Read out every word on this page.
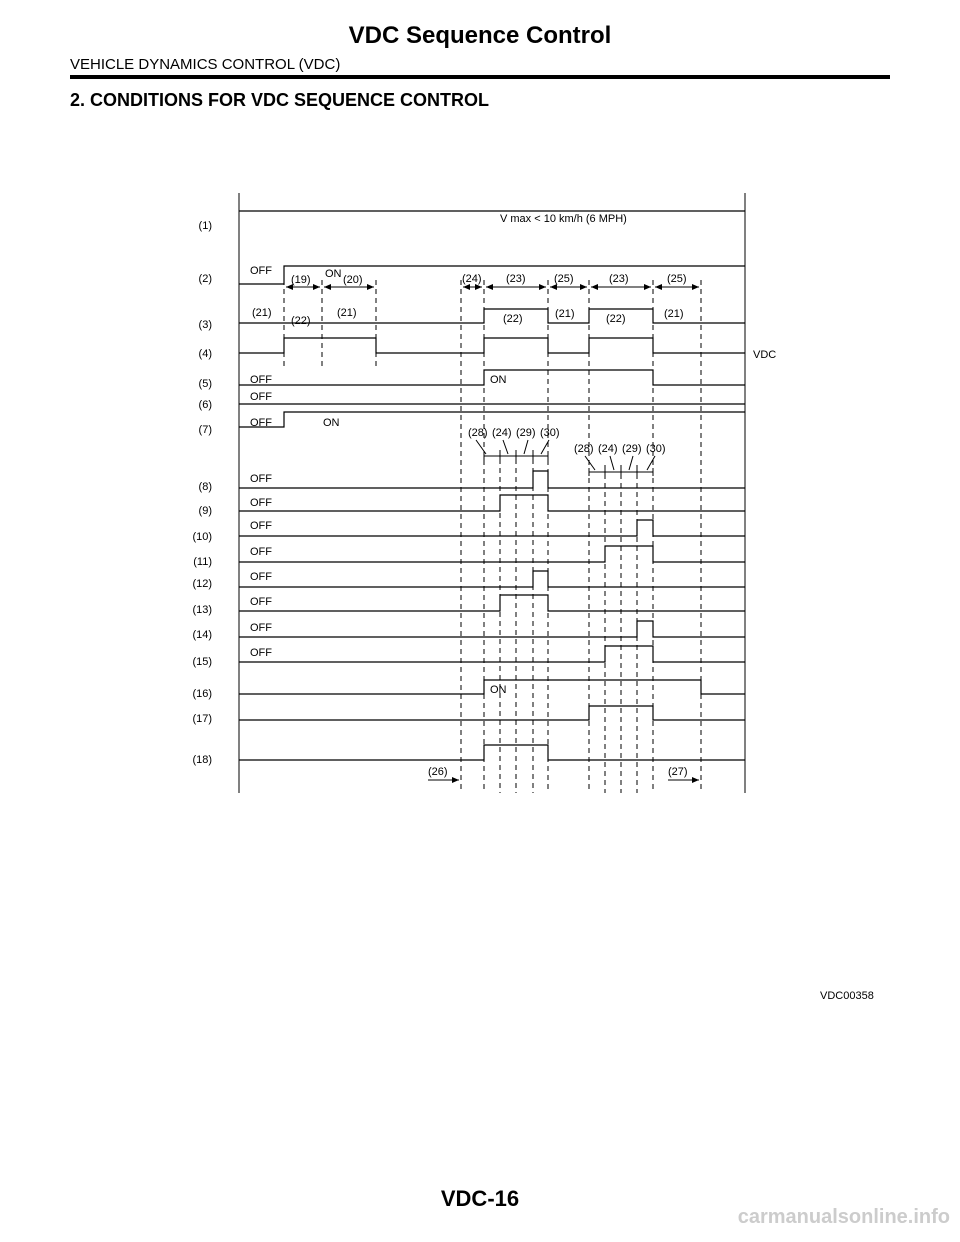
VDC Sequence Control
VEHICLE DYNAMICS CONTROL (VDC)
2. CONDITIONS FOR VDC SEQUENCE CONTROL
(1)
(2)
(3)
(4)
(5)
(6)
(7)
(8)
(9)
(10)
(11)
(12)
(13)
(14)
(15)
(16)
(17)
(18)
V max < 10 km/h (6 MPH)
VDC
OFF	ON
OFF	ON
OFF
OFF	ON
OFF
OFF
OFF
OFF
OFF
OFF
OFF
OFF
ON
(19)	(20)	(24) (23)	(25)	(23)	(25)
(21)
(22)
(21)	(22)	(21)	(22)	(21)
(28) (24) (29) (30)
(28) (24) (29) (30)
(26)	(27)
VDC00358
VDC-16
carmanualsonline.info
